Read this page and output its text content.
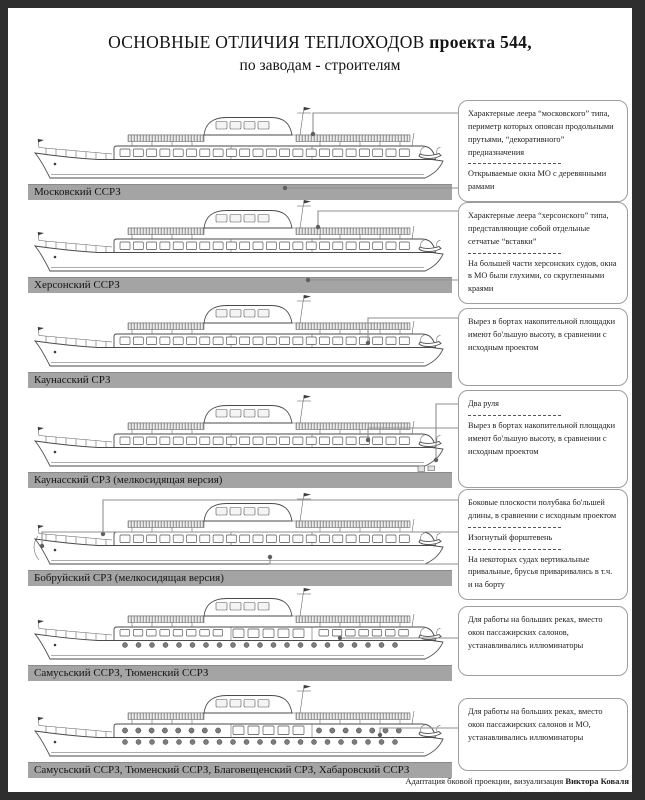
ОСНОВНЫЕ ОТЛИЧИЯ ТЕПЛОХОДОВ проекта 544,
по заводам - строителям
Московский ССРЗ
Херсонский ССРЗ
Каунасский СРЗ
Каунасский СРЗ (мелкосидящая версия)
Бобруйский СРЗ (мелкосидящая версия)
Самусьский ССРЗ, Тюменский ССРЗ
Самусьский ССРЗ, Тюменский ССРЗ, Благовещенский СРЗ, Хабаровский ССРЗ

Характерные леера “московского” типа, периметр которых опоясан продольными прутьями, “декоративного” предназначения

Открываемые окна МО с деревянными рамами

Характерные леера “херсонского” типа, представляющие собой отдельные сетчатые “вставки”

На большей части херсонских судов, окна в МО были глухими, со скругленными краями

Вырез в бортах накопительной площадки имеют бо'льшую высоту, в сравнении с исходным проектом

Два руля

Вырез в бортах накопительной площадки имеют бо'льшую высоту, в сравнении с исходным проектом

Боковые плоскости полубака бо'льшей длины, в сравнении с исходным проектом

Изогнутый форштевень

На некоторых судах вертикальные привальные, брусья приваривались в т.ч. и на борту

Для работы на больших реках, вместо окон пассажирских салонов, устанавливались иллюминаторы

Для работы на больших реках, вместо окон пассажирских салонов и МО, устанавливались иллюминаторы

Адаптация бковой проекции, визуализация Виктора Коваля
